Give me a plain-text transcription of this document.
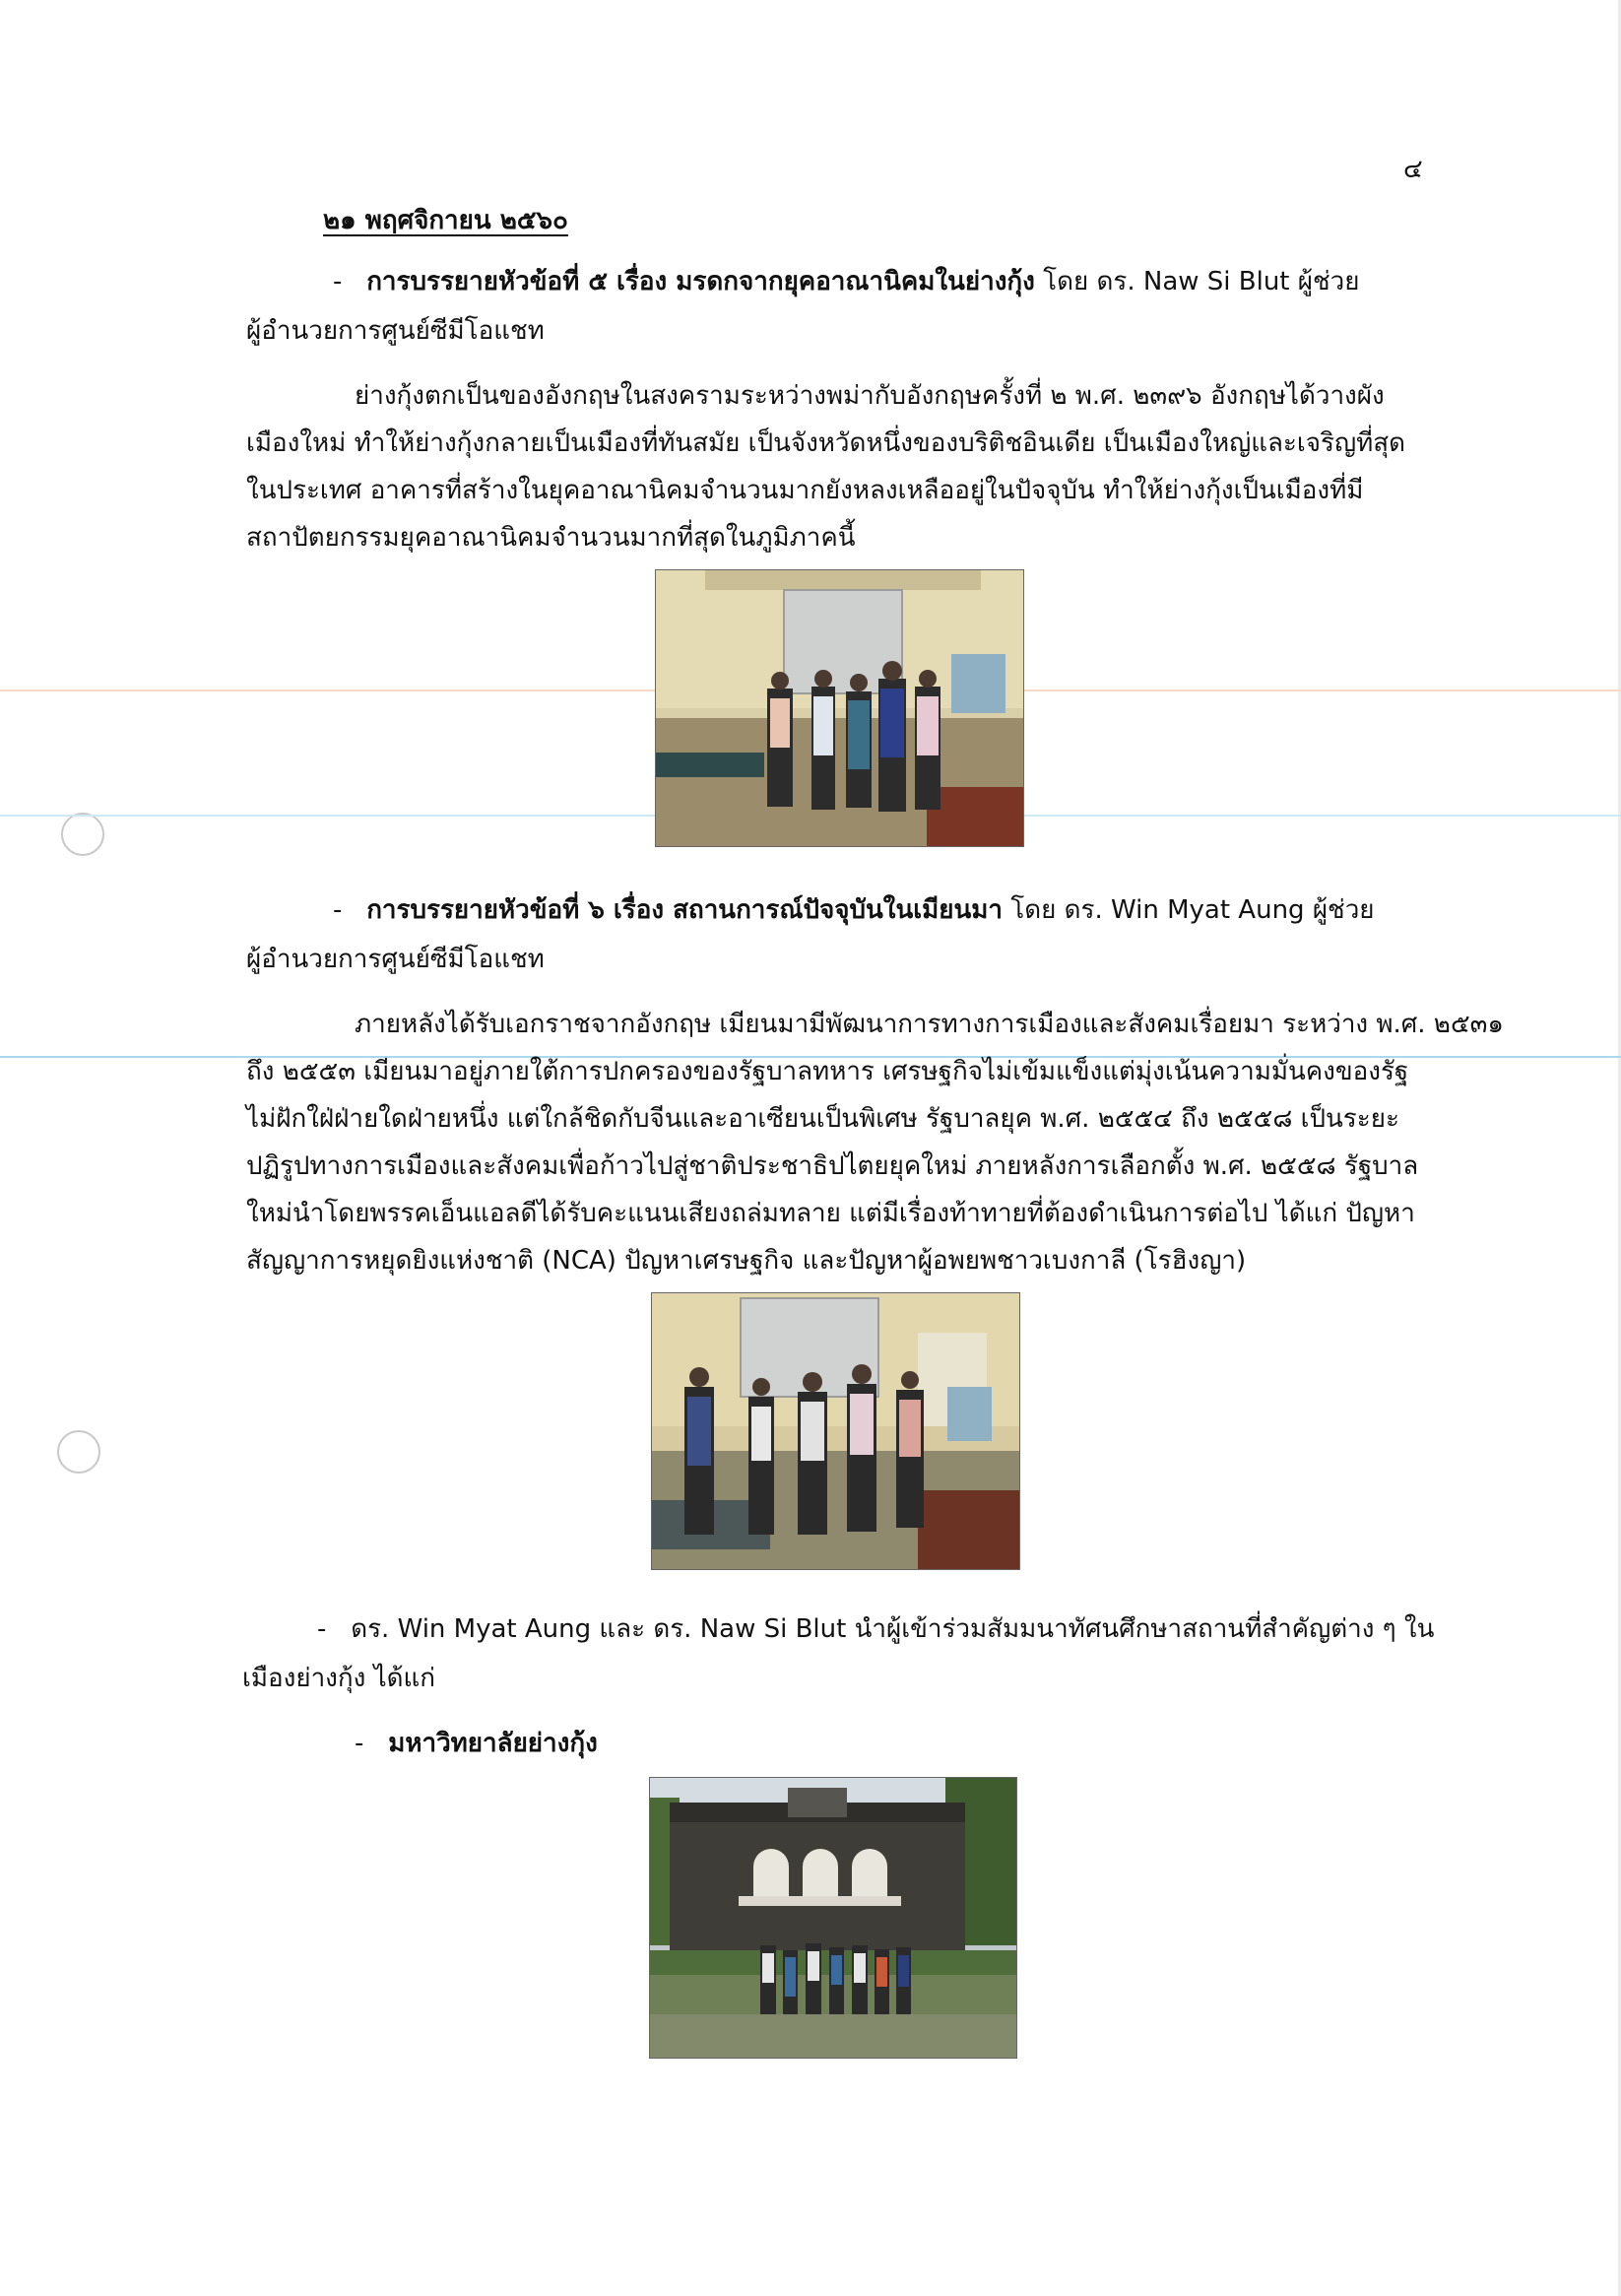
๔
๒๑ พฤศจิกายน ๒๕๖๐
- การบรรยายหัวข้อที่ ๕ เรื่อง มรดกจากยุคอาณานิคมในย่างกุ้ง โดย ดร. Naw Si Blut ผู้ช่วย
ผู้อำนวยการศูนย์ซีมีโอแชท
ย่างกุ้งตกเป็นของอังกฤษในสงครามระหว่างพม่ากับอังกฤษครั้งที่ ๒ พ.ศ. ๒๓๙๖ อังกฤษได้วางผัง
เมืองใหม่ ทำให้ย่างกุ้งกลายเป็นเมืองที่ทันสมัย เป็นจังหวัดหนึ่งของบริติชอินเดีย เป็นเมืองใหญ่และเจริญที่สุด
ในประเทศ อาคารที่สร้างในยุคอาณานิคมจำนวนมากยังหลงเหลืออยู่ในปัจจุบัน ทำให้ย่างกุ้งเป็นเมืองที่มี
สถาปัตยกรรมยุคอาณานิคมจำนวนมากที่สุดในภูมิภาคนี้
- การบรรยายหัวข้อที่ ๖ เรื่อง สถานการณ์ปัจจุบันในเมียนมา โดย ดร. Win Myat Aung ผู้ช่วย
ผู้อำนวยการศูนย์ซีมีโอแชท
ภายหลังได้รับเอกราชจากอังกฤษ เมียนมามีพัฒนาการทางการเมืองและสังคมเรื่อยมา ระหว่าง พ.ศ. ๒๕๓๑
ถึง ๒๕๕๓ เมียนมาอยู่ภายใต้การปกครองของรัฐบาลทหาร เศรษฐกิจไม่เข้มแข็งแต่มุ่งเน้นความมั่นคงของรัฐ
ไม่ฝักใฝ่ฝ่ายใดฝ่ายหนึ่ง แต่ใกล้ชิดกับจีนและอาเซียนเป็นพิเศษ รัฐบาลยุค พ.ศ. ๒๕๕๔ ถึง ๒๕๕๘ เป็นระยะ
ปฏิรูปทางการเมืองและสังคมเพื่อก้าวไปสู่ชาติประชาธิปไตยยุคใหม่ ภายหลังการเลือกตั้ง พ.ศ. ๒๕๕๘ รัฐบาล
ใหม่นำโดยพรรคเอ็นแอลดีได้รับคะแนนเสียงถล่มทลาย แต่มีเรื่องท้าทายที่ต้องดำเนินการต่อไป ได้แก่ ปัญหา
สัญญาการหยุดยิงแห่งชาติ (NCA) ปัญหาเศรษฐกิจ และปัญหาผู้อพยพชาวเบงกาลี (โรฮิงญา)
- ดร. Win Myat Aung และ ดร. Naw Si Blut นำผู้เข้าร่วมสัมมนาทัศนศึกษาสถานที่สำคัญต่าง ๆ ใน
เมืองย่างกุ้ง ได้แก่
- มหาวิทยาลัยย่างกุ้ง
